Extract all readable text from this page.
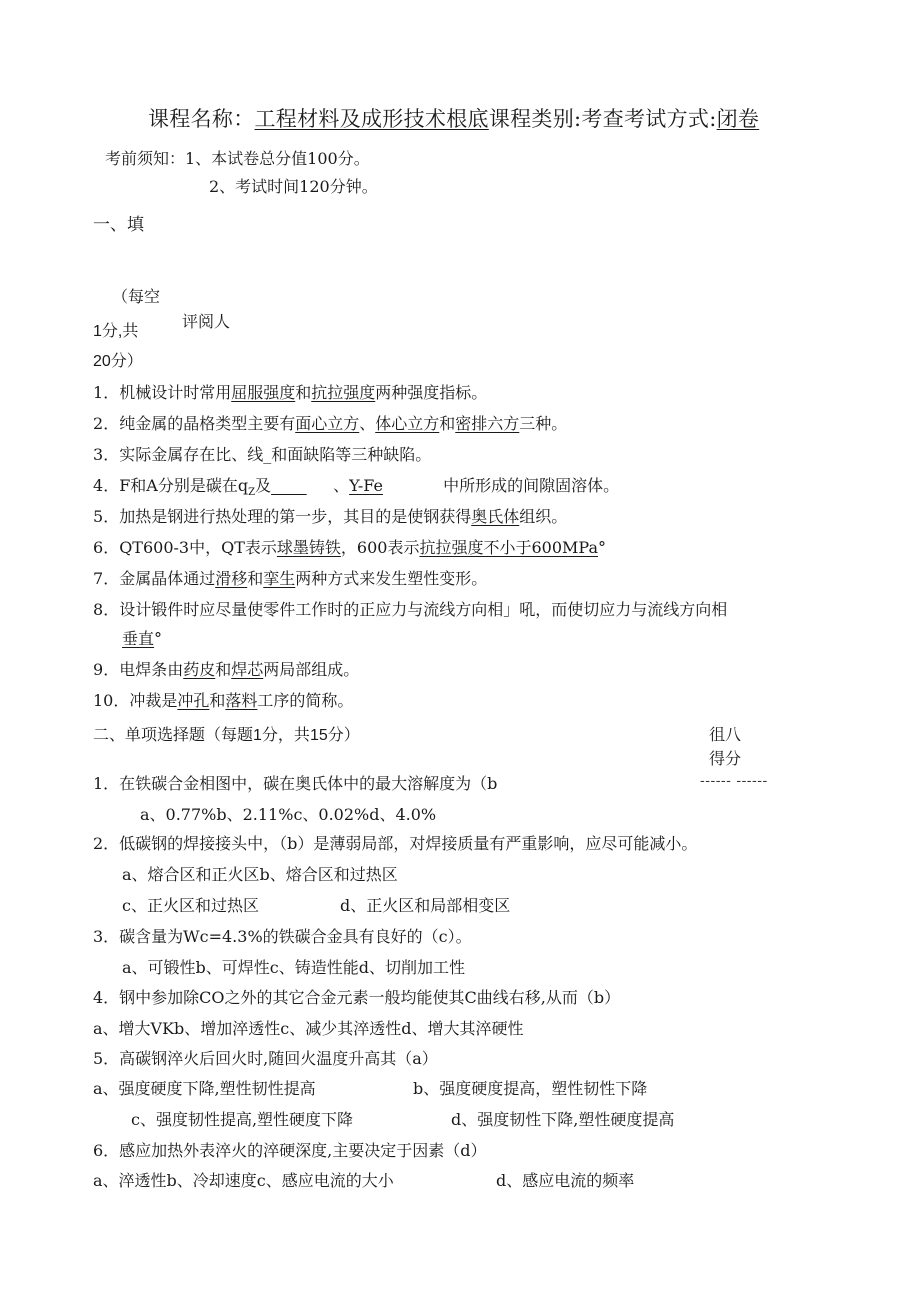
课程名称：工程材料及成形技术根底课程类别:考查考试方式:闭卷
考前须知：1、本试卷总分值100分。
2、考试时间120分钟。
一、填
（每空
1分,共
评阅人
20分）
1．机械设计时常用屈服强度和抗拉强度两种强度指标。
2．纯金属的晶格类型主要有面心立方、体心立方和密排六方三种。
3．实际金属存在比、线_和面缺陷等三种缺陷。
4．F和A分别是碳在$q_Z$及	、Y-Fe	中所形成的间隙固溶体。
5．加热是钢进行热处理的第一步，其目的是使钢获得奥氏体组织。
6．QT600-3中，QT表示球墨铸铁，600表示抗拉强度不小于600MPa°
7．金属晶体通过滑移和挛生两种方式来发生塑性变形。
8．设计锻件时应尽量使零件工作时的正应力与流线方向相」吼，而使切应力与流线方向相
垂直°
9．电焊条由药皮和焊芯两局部组成。
10．冲裁是冲孔和落料工序的简称。
二、单项选择题（每题1分，共15分）	徂八
得分
1．在铁碳合金相图中，碳在奥氏体中的最大溶解度为（b	------ ------
a、0.77%b、2.11%c、0.02%d、4.0%
2．低碳钢的焊接接头中，（b）是薄弱局部，对焊接质量有严重影响，应尽可能减小。
a、熔合区和正火区b、熔合区和过热区
c、正火区和过热区	d、正火区和局部相变区
3．碳含量为Wc=4.3%的铁碳合金具有良好的（c）。
a、可锻性b、可焊性c、铸造性能d、切削加工性
4．钢中参加除CO之外的其它合金元素一般均能使其C曲线右移,从而（b）
a、增大VKb、增加淬透性c、减少其淬透性d、增大其淬硬性
5．高碳钢淬火后回火时,随回火温度升高其（a）
a、强度硬度下降,塑性韧性提高	b、强度硬度提高，塑性韧性下降
c、强度韧性提高,塑性硬度下降	d、强度韧性下降,塑性硬度提高
6．感应加热外表淬火的淬硬深度,主要决定于因素（d）
a、淬透性b、冷却速度c、感应电流的大小	d、感应电流的频率
